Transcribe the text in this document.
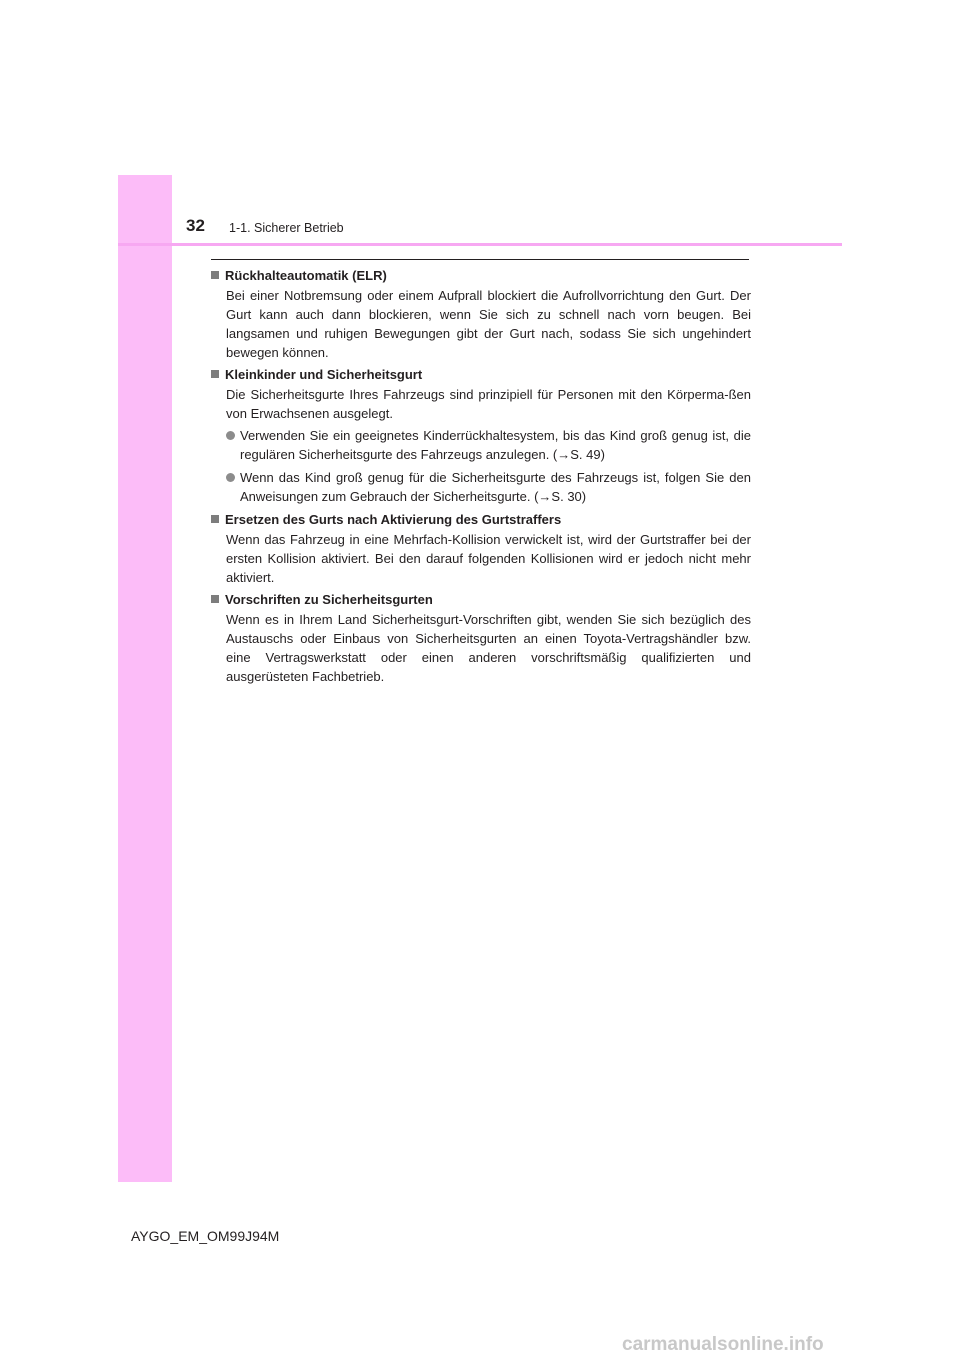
32 1-1. Sicherer Betrieb
Rückhalteautomatik (ELR)
Bei einer Notbremsung oder einem Aufprall blockiert die Aufrollvorrichtung den Gurt. Der Gurt kann auch dann blockieren, wenn Sie sich zu schnell nach vorn beugen. Bei langsamen und ruhigen Bewegungen gibt der Gurt nach, sodass Sie sich ungehindert bewegen können.
Kleinkinder und Sicherheitsgurt
Die Sicherheitsgurte Ihres Fahrzeugs sind prinzipiell für Personen mit den Körperma-ßen von Erwachsenen ausgelegt.
Verwenden Sie ein geeignetes Kinderrückhaltesystem, bis das Kind groß genug ist, die regulären Sicherheitsgurte des Fahrzeugs anzulegen. (→S. 49)
Wenn das Kind groß genug für die Sicherheitsgurte des Fahrzeugs ist, folgen Sie den Anweisungen zum Gebrauch der Sicherheitsgurte. (→S. 30)
Ersetzen des Gurts nach Aktivierung des Gurtstraffers
Wenn das Fahrzeug in eine Mehrfach-Kollision verwickelt ist, wird der Gurtstraffer bei der ersten Kollision aktiviert. Bei den darauf folgenden Kollisionen wird er jedoch nicht mehr aktiviert.
Vorschriften zu Sicherheitsgurten
Wenn es in Ihrem Land Sicherheitsgurt-Vorschriften gibt, wenden Sie sich bezüglich des Austauschs oder Einbaus von Sicherheitsgurten an einen Toyota-Vertragshändler bzw. eine Vertragswerkstatt oder einen anderen vorschriftsmäßig qualifizierten und ausgerüsteten Fachbetrieb.
AYGO_EM_OM99J94M
carmanualsonline.info
